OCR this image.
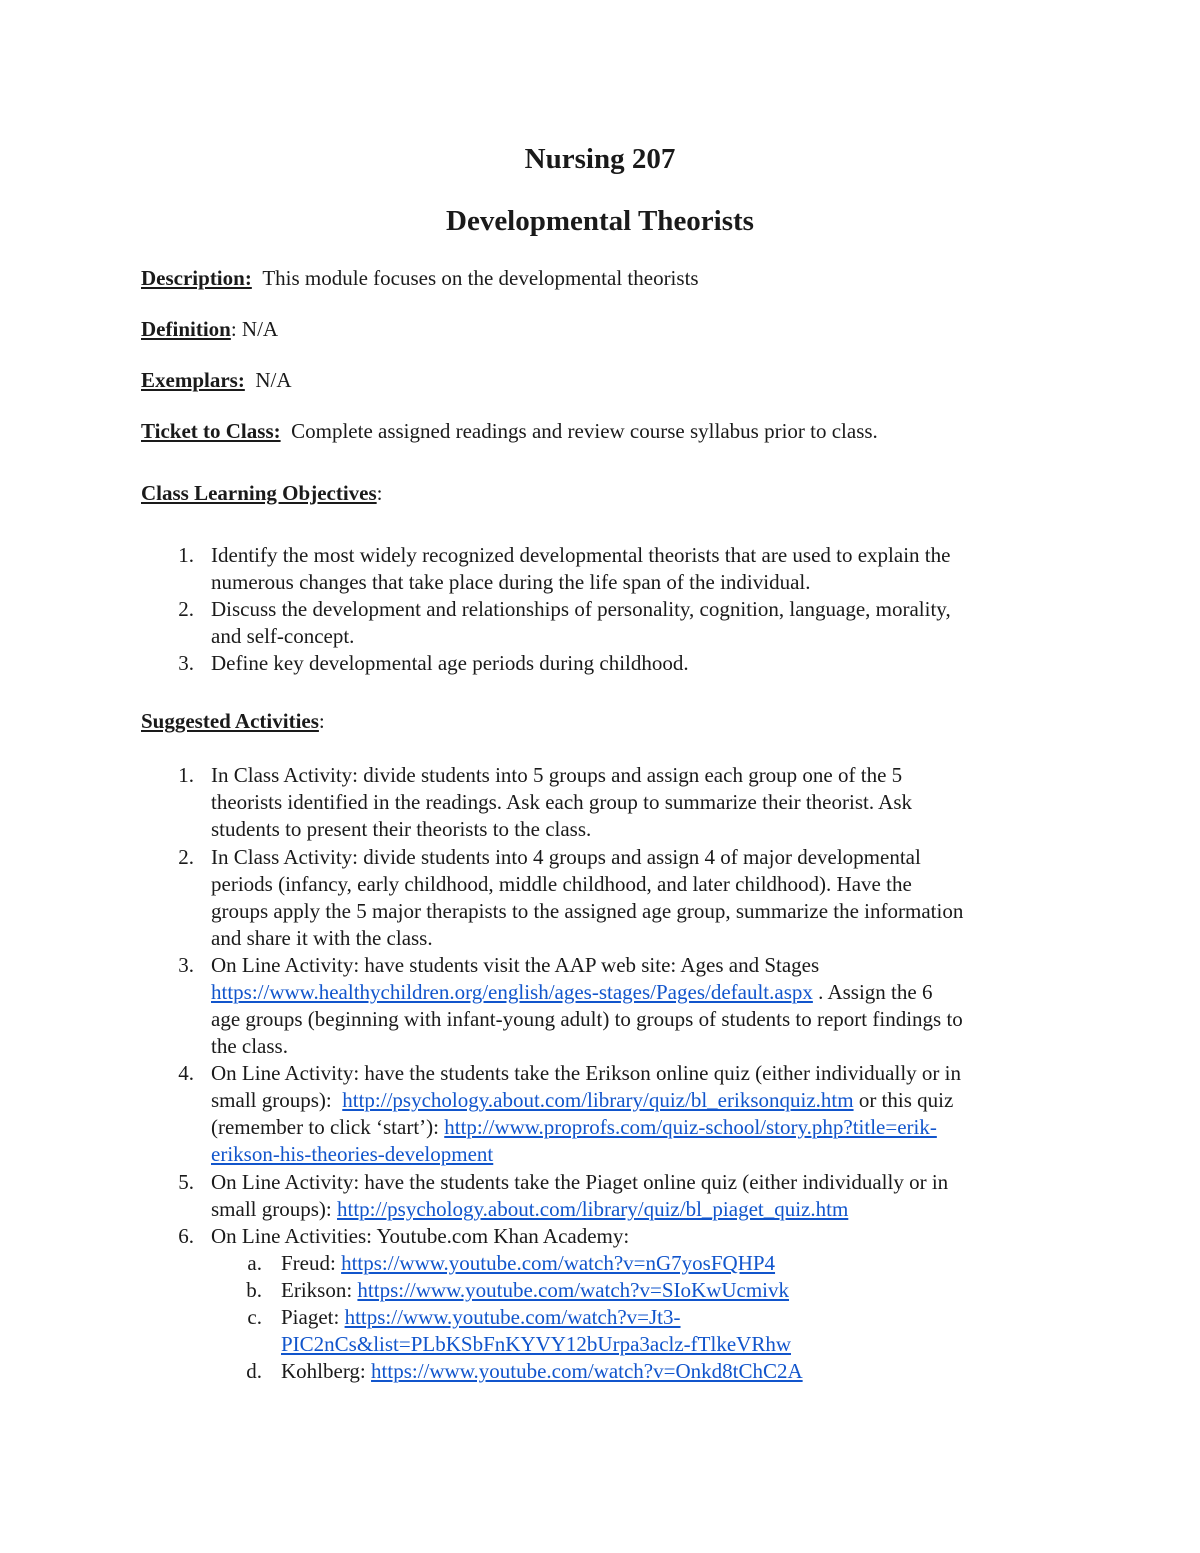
Nursing 207
Developmental Theorists
Description: This module focuses on the developmental theorists
Definition: N/A
Exemplars: N/A
Ticket to Class: Complete assigned readings and review course syllabus prior to class.
Class Learning Objectives:
1. Identify the most widely recognized developmental theorists that are used to explain the
numerous changes that take place during the life span of the individual.
2. Discuss the development and relationships of personality, cognition, language, morality,
and self-concept.
3. Define key developmental age periods during childhood.
Suggested Activities:
1. In Class Activity: divide students into 5 groups and assign each group one of the 5
theorists identified in the readings. Ask each group to summarize their theorist. Ask
students to present their theorists to the class.
2. In Class Activity: divide students into 4 groups and assign 4 of major developmental
periods (infancy, early childhood, middle childhood, and later childhood). Have the
groups apply the 5 major therapists to the assigned age group, summarize the information
and share it with the class.
3. On Line Activity: have students visit the AAP web site: Ages and Stages
https://www.healthychildren.org/english/ages-stages/Pages/default.aspx . Assign the 6
age groups (beginning with infant-young adult) to groups of students to report findings to
the class.
4. On Line Activity: have the students take the Erikson online quiz (either individually or in
small groups):  http://psychology.about.com/library/quiz/bl_eriksonquiz.htm or this quiz
(remember to click ‘start’): http://www.proprofs.com/quiz-school/story.php?title=erik-
erikson-his-theories-development
5. On Line Activity: have the students take the Piaget online quiz (either individually or in
small groups): http://psychology.about.com/library/quiz/bl_piaget_quiz.htm
6. On Line Activities: Youtube.com Khan Academy:
a. Freud: https://www.youtube.com/watch?v=nG7yosFQHP4
b. Erikson: https://www.youtube.com/watch?v=SIoKwUcmivk
c. Piaget: https://www.youtube.com/watch?v=Jt3-
PIC2nCs&list=PLbKSbFnKYVY12bUrpa3aclz-fTlkeVRhw
d. Kohlberg: https://www.youtube.com/watch?v=Onkd8tChC2A
